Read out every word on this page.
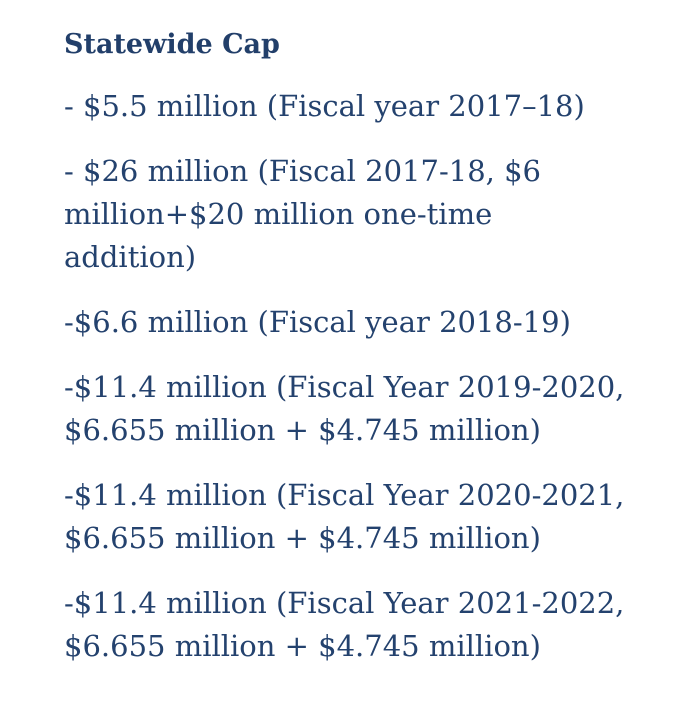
Statewide Cap

- $5.5 million (Fiscal year 2017–18)

- $26 million (Fiscal 2017-18, $6
million+$20 million one-time
addition)

-$6.6 million (Fiscal year 2018-19)

-$11.4 million (Fiscal Year 2019-2020,
$6.655 million + $4.745 million)

-$11.4 million (Fiscal Year 2020-2021,
$6.655 million + $4.745 million)

-$11.4 million (Fiscal Year 2021-2022,
$6.655 million + $4.745 million)
